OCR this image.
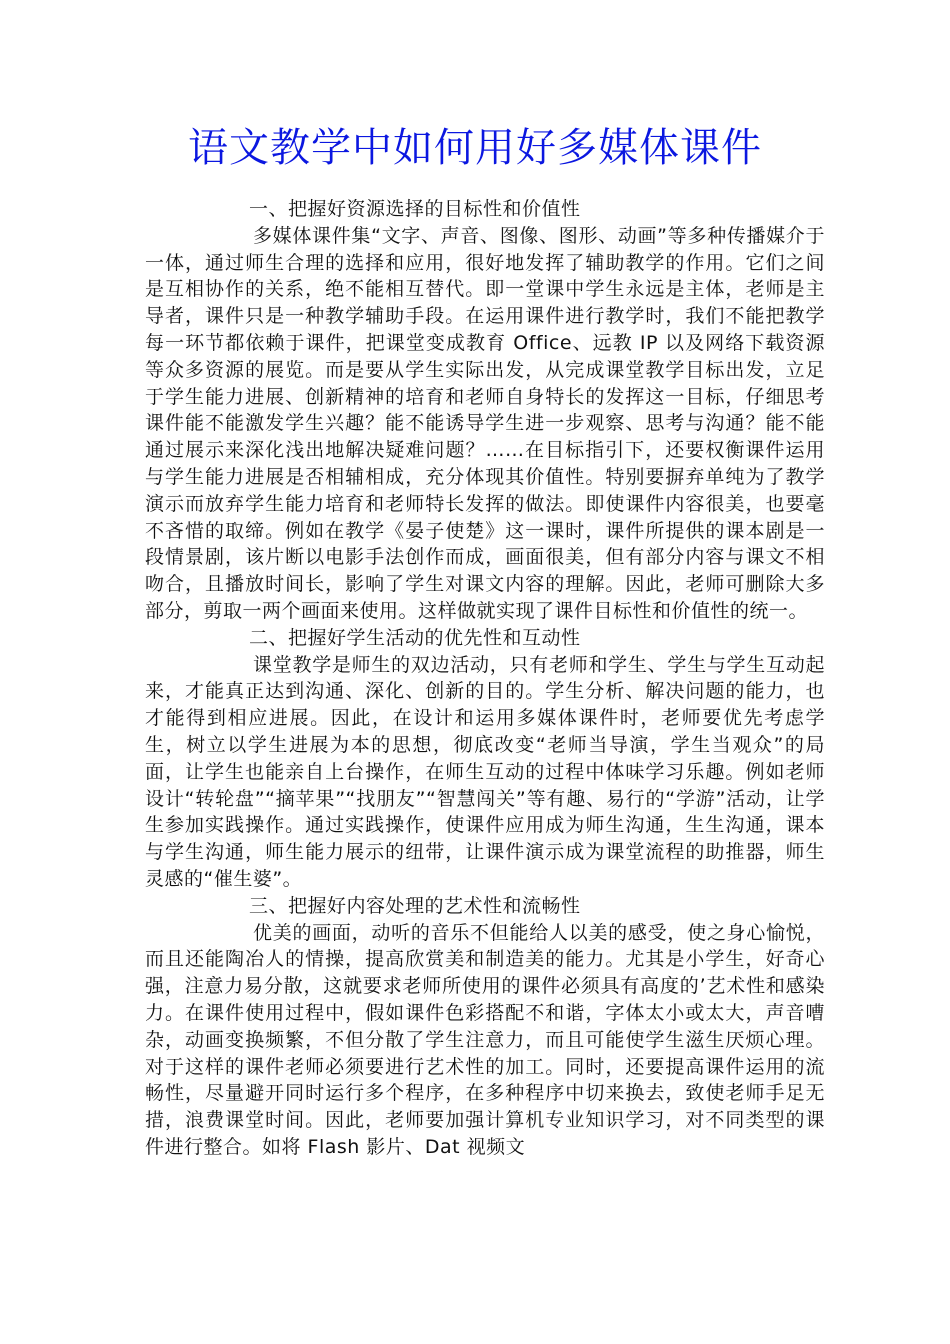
语文教学中如何用好多媒体课件

一、把握好资源选择的目标性和价值性

多媒体课件集“文字、声音、图像、图形、动画”等多种传播媒介于一体，通过师生合理的选择和应用，很好地发挥了辅助教学的作用。它们之间是互相协作的关系，绝不能相互替代。即一堂课中学生永远是主体，老师是主导者，课件只是一种教学辅助手段。在运用课件进行教学时，我们不能把教学每一环节都依赖于课件，把课堂变成教育 Office、远教 IP 以及网络下载资源等众多资源的展览。而是要从学生实际出发，从完成课堂教学目标出发，立足于学生能力进展、创新精神的培育和老师自身特长的发挥这一目标，仔细思考课件能不能激发学生兴趣？能不能诱导学生进一步观察、思考与沟通？能不能通过展示来深化浅出地解决疑难问题？……在目标指引下，还要权衡课件运用与学生能力进展是否相辅相成，充分体现其价值性。特别要摒弃单纯为了教学演示而放弃学生能力培育和老师特长发挥的做法。即使课件内容很美，也要毫不吝惜的取缔。例如在教学《晏子使楚》这一课时，课件所提供的课本剧是一段情景剧，该片断以电影手法创作而成，画面很美，但有部分内容与课文不相吻合，且播放时间长，影响了学生对课文内容的理解。因此，老师可删除大多部分，剪取一两个画面来使用。这样做就实现了课件目标性和价值性的统一。

二、把握好学生活动的优先性和互动性

课堂教学是师生的双边活动，只有老师和学生、学生与学生互动起来，才能真正达到沟通、深化、创新的目的。学生分析、解决问题的能力，也才能得到相应进展。因此，在设计和运用多媒体课件时，老师要优先考虑学生，树立以学生进展为本的思想，彻底改变“老师当导演，学生当观众”的局面，让学生也能亲自上台操作，在师生互动的过程中体味学习乐趣。例如老师设计“转轮盘”“摘苹果”“找朋友”“智慧闯关”等有趣、易行的“学游”活动，让学生参加实践操作。通过实践操作，使课件应用成为师生沟通，生生沟通，课本与学生沟通，师生能力展示的纽带，让课件演示成为课堂流程的助推器，师生灵感的“催生婆”。

三、把握好内容处理的艺术性和流畅性

优美的画面，动听的音乐不但能给人以美的感受，使之身心愉悦，而且还能陶冶人的情操，提高欣赏美和制造美的能力。尤其是小学生，好奇心强，注意力易分散，这就要求老师所使用的课件必须具有高度的’艺术性和感染力。在课件使用过程中，假如课件色彩搭配不和谐，字体太小或太大，声音嘈杂，动画变换频繁，不但分散了学生注意力，而且可能使学生滋生厌烦心理。对于这样的课件老师必须要进行艺术性的加工。同时，还要提高课件运用的流畅性，尽量避开同时运行多个程序，在多种程序中切来换去，致使老师手足无措，浪费课堂时间。因此，老师要加强计算机专业知识学习，对不同类型的课件进行整合。如将 Flash 影片、Dat 视频文
